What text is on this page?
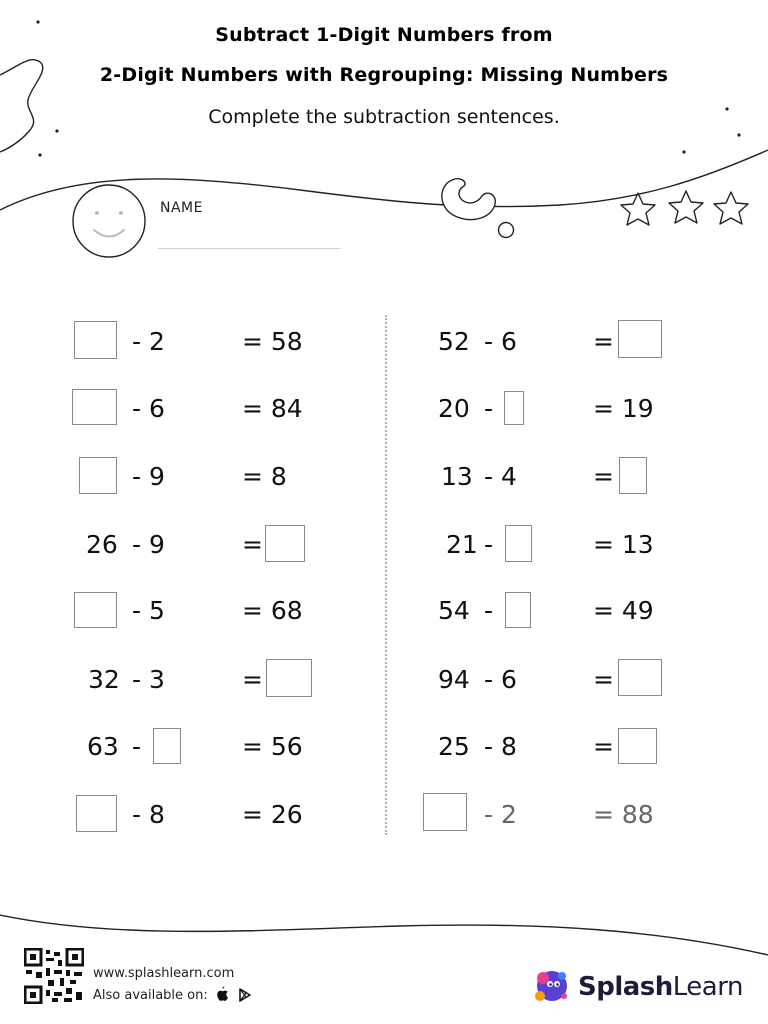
Subtract 1-Digit Numbers from
2-Digit Numbers with Regrouping: Missing Numbers
Complete the subtraction sentences.
NAME
- 2	= 58
- 6	= 84
- 9	= 8
26 - 9	=
- 5	= 68
32 - 3	=
63 -	= 56
- 8	= 26
52 - 6	=
20 -	= 19
13 - 4	=
21 -	= 13
54 -	= 49
94 - 6	=
25 - 8	=
- 2	= 88
www.splashlearn.com
Also available on:	SplashLearn
